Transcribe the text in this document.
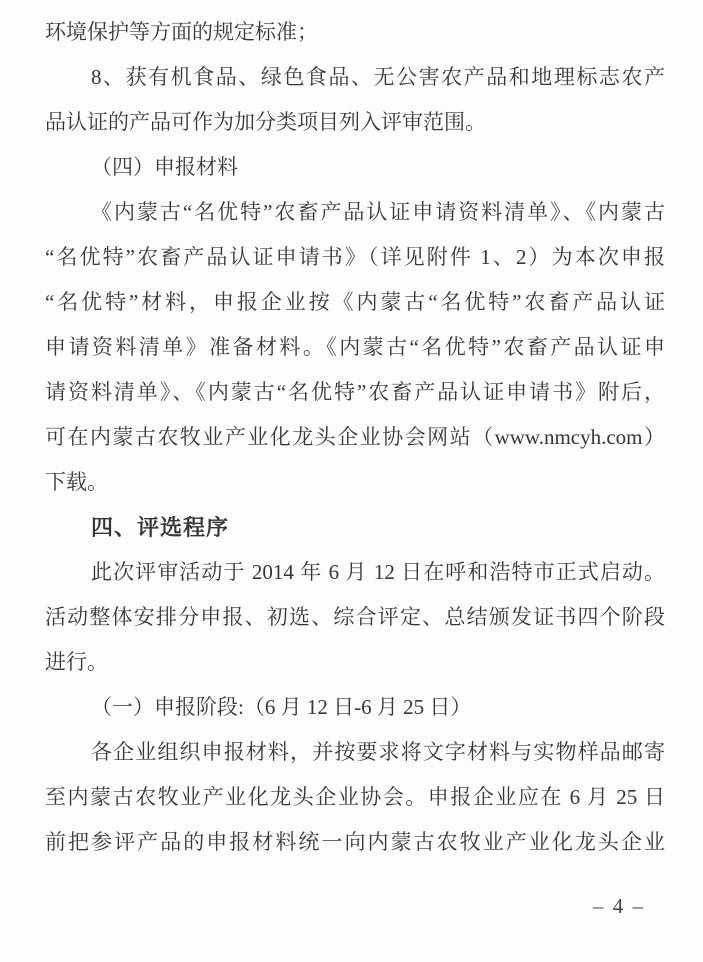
环境保护等方面的规定标准；
8、获有机食品、绿色食品、无公害农产品和地理标志农产
品认证的产品可作为加分类项目列入评审范围。
（四）申报材料
《内蒙古“名优特”农畜产品认证申请资料清单》、《内蒙古
“名优特”农畜产品认证申请书》（详见附件 1、2）为本次申报
“名优特”材料，申报企业按《内蒙古“名优特”农畜产品认证
申请资料清单》准备材料。《内蒙古“名优特”农畜产品认证申
请资料清单》、《内蒙古“名优特”农畜产品认证申请书》附后，
可在内蒙古农牧业产业化龙头企业协会网站（www.nmcyh.com）
下载。
四、评选程序
此次评审活动于 2014 年 6 月 12 日在呼和浩特市正式启动。
活动整体安排分申报、初选、综合评定、总结颁发证书四个阶段
进行。
（一）申报阶段:（6 月 12 日-6 月 25 日）
各企业组织申报材料，并按要求将文字材料与实物样品邮寄
至内蒙古农牧业产业化龙头企业协会。申报企业应在 6 月 25 日
前把参评产品的申报材料统一向内蒙古农牧业产业化龙头企业
– 4 –
